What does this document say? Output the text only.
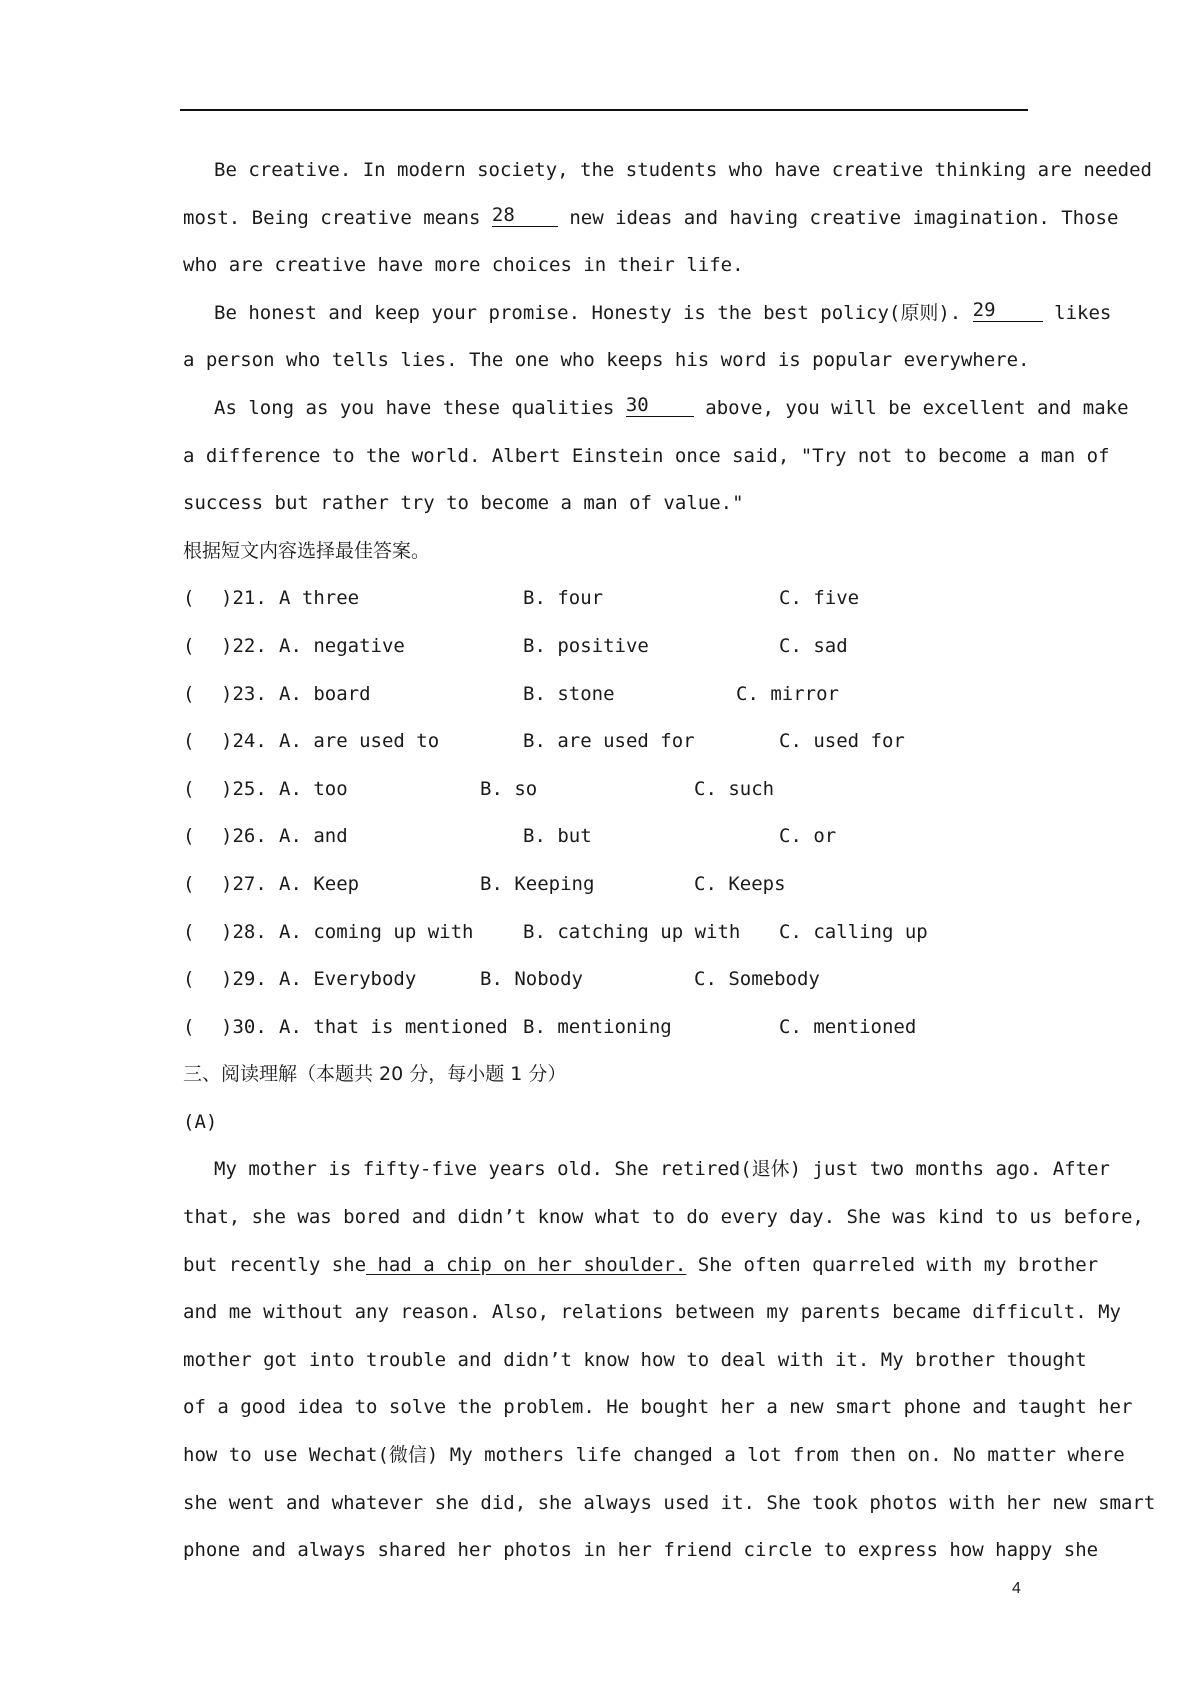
Be creative. In modern society, the students who have creative thinking are needed
most. Being creative means 28	new ideas and having creative imagination. Those
who are creative have more choices in their life.
Be honest and keep your promise. Honesty is the best policy(原则). 29	likes
a person who tells lies. The one who keeps his word is popular everywhere.
As long as you have these qualities 30	above, you will be excellent and make
a difference to the world. Albert Einstein once said, "Try not to become a man of
success but rather try to become a man of value."
根据短文内容选择最佳答案。
( )21. A three	B. four	C. five
( )22. A. negative	B. positive	C. sad
( )23. A. board	B. stone	C. mirror
( )24. A. are used to	B. are used for	C. used for
( )25. A. too	B. so	C. such
( )26. A. and	B. but	C. or
( )27. A. Keep	B. Keeping	C. Keeps
( )28. A. coming up with	B. catching up with C. calling up
( )29. A. Everybody	B. Nobody	C. Somebody
( )30. A. that is mentioned B. mentioning	C. mentioned
三、阅读理解（本题共 20 分，每小题 1 分）
(A)
My mother is fifty-five years old. She retired(退休) just two months ago. After
that, she was bored and didn’t know what to do every day. She was kind to us before,
but recently she had a chip on her shoulder. She often quarreled with my brother
and me without any reason. Also, relations between my parents became difficult. My
mother got into trouble and didn’t know how to deal with it. My brother thought
of a good idea to solve the problem. He bought her a new smart phone and taught her
how to use Wechat(微信) My mothers life changed a lot from then on. No matter where
she went and whatever she did, she always used it. She took photos with her new smart
phone and always shared her photos in her friend circle to express how happy she
4
